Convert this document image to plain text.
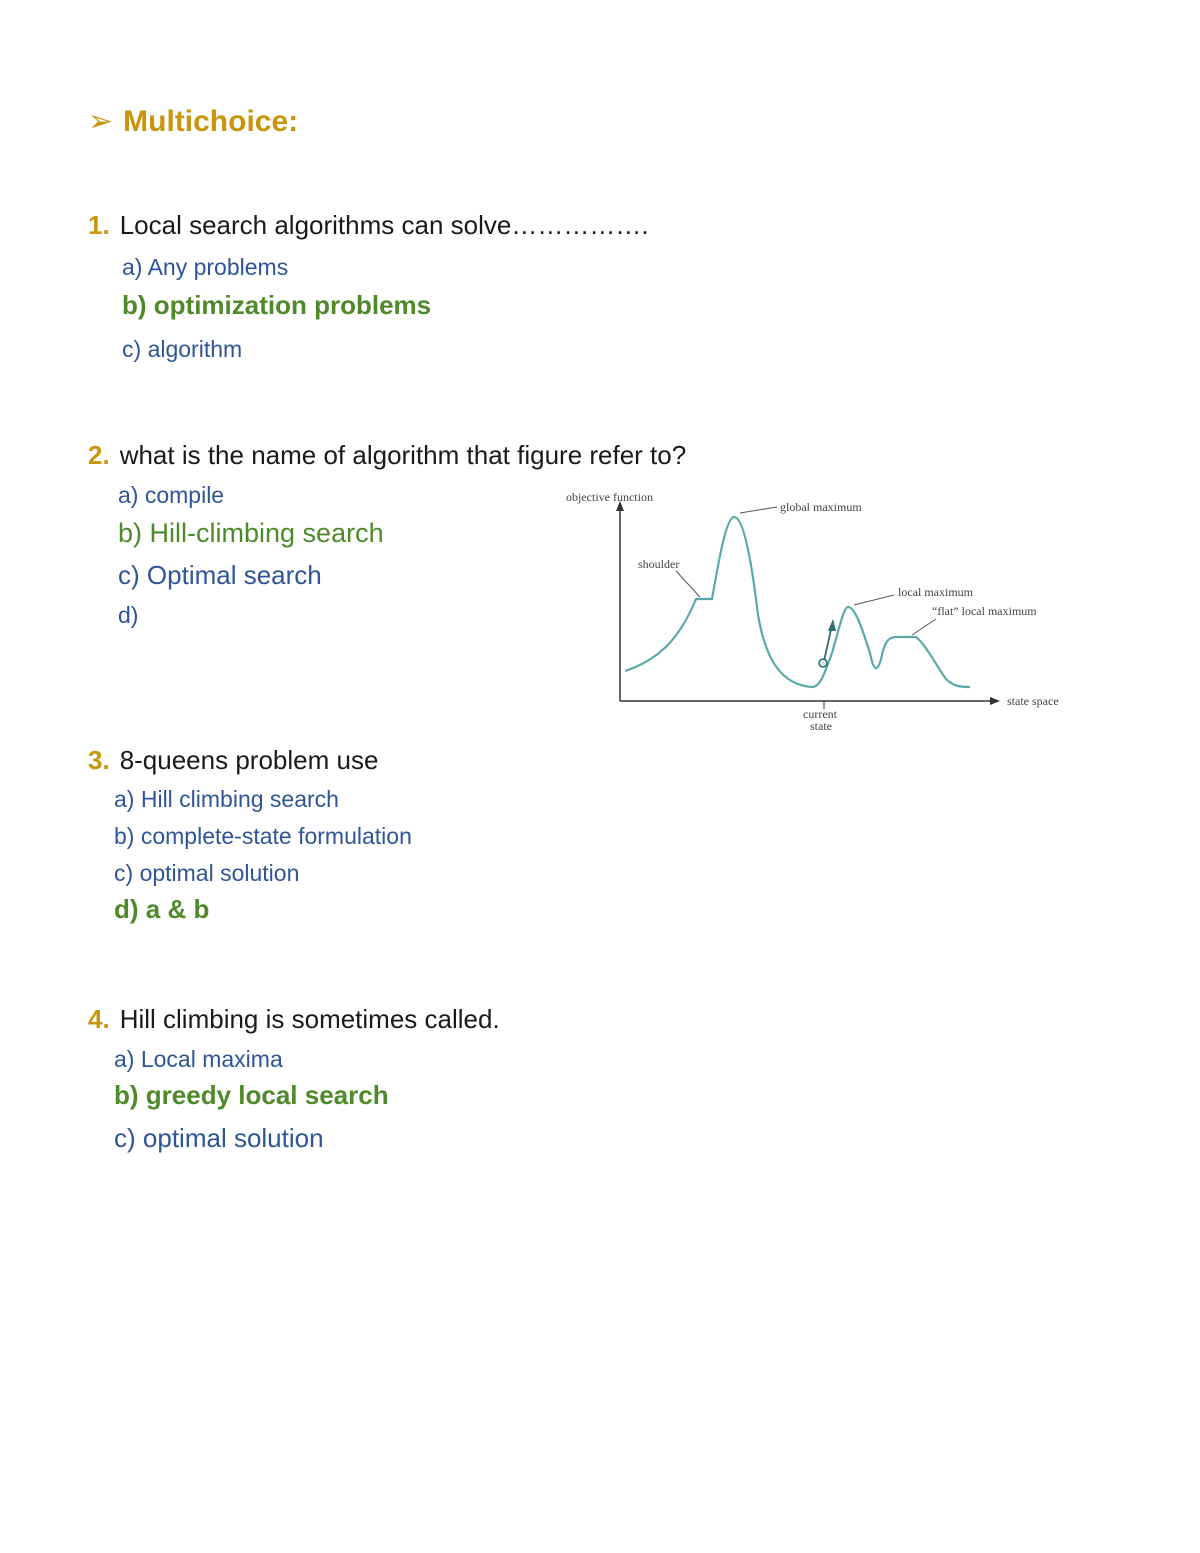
➢ Multichoice:
1. Local search algorithms can solve…………….
a) Any problems
b) optimization problems
c) algorithm
2. what is the name of algorithm that figure refer to?
a) compile
b) Hill-climbing search
c) Optimal search
d)
objective function
global maximum
shoulder
local maximum
“flat” local maximum
state space
current
state
3. 8-queens problem use
a) Hill climbing search
b) complete-state formulation
c) optimal solution
d) a & b
4. Hill climbing is sometimes called.
a) Local maxima
b) greedy local search
c) optimal solution
